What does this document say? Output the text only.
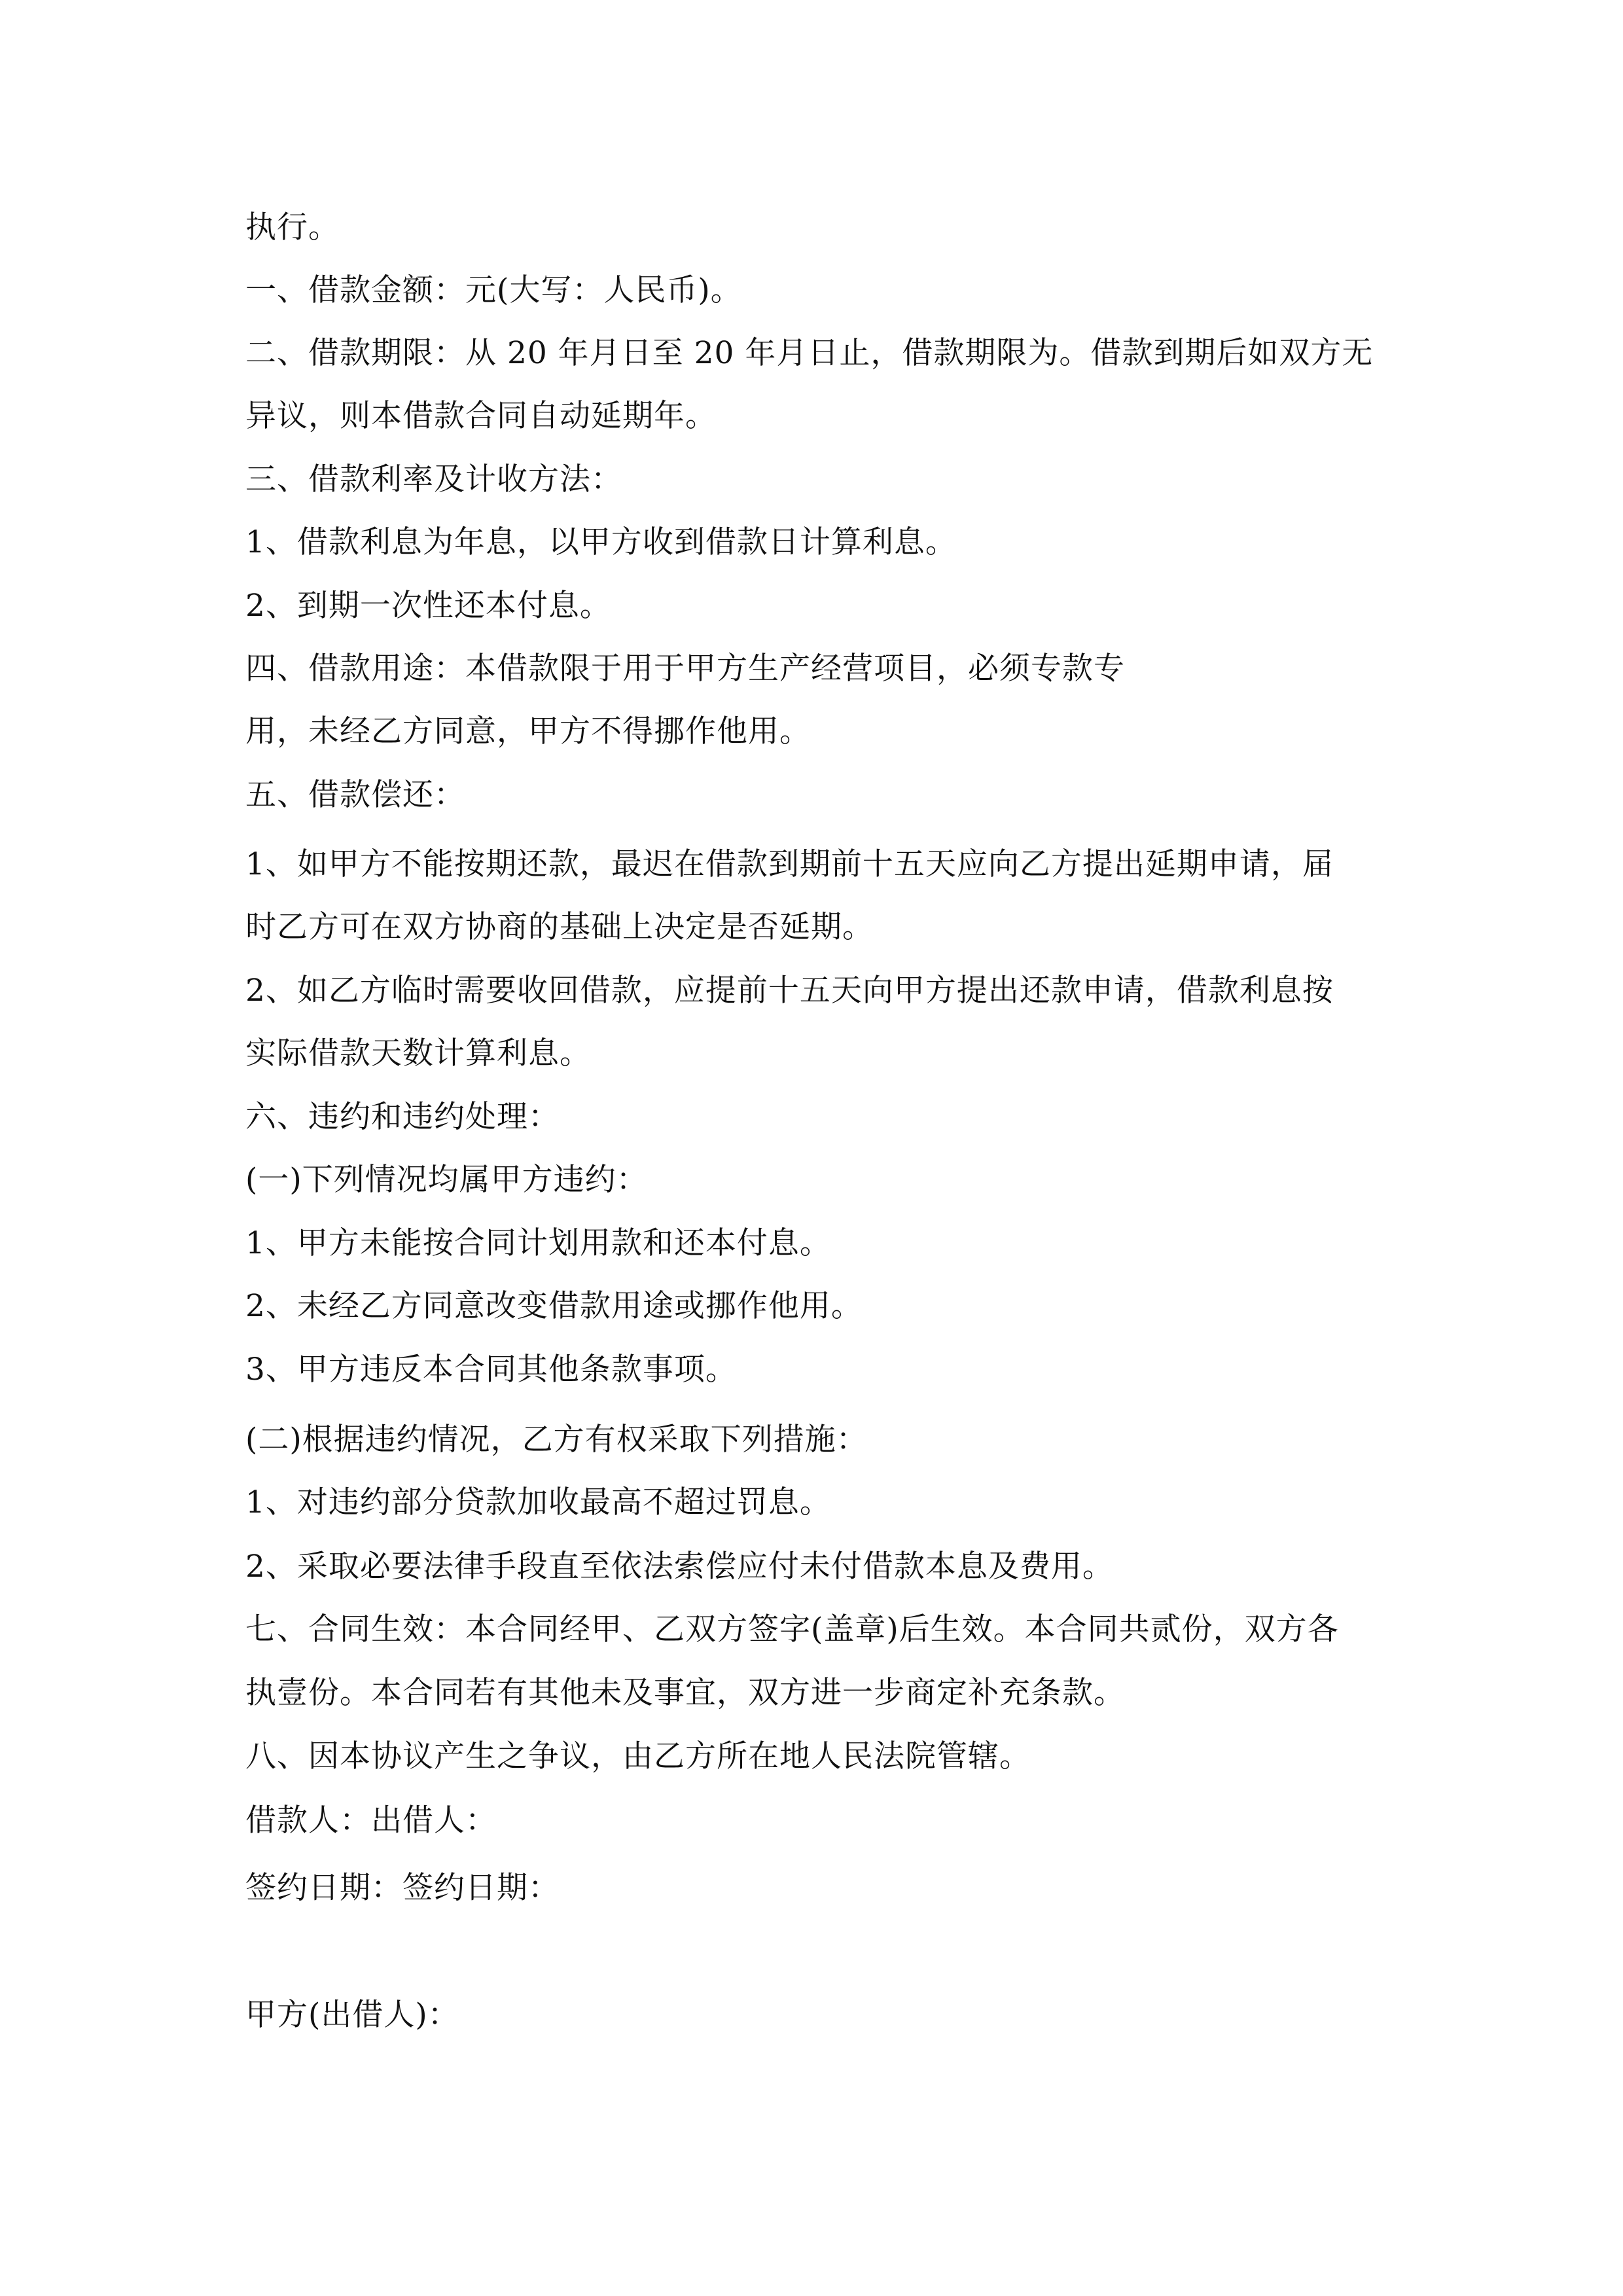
执行。
一、借款金额：元(大写：人民币)。
二、借款期限：从 20 年月日至 20 年月日止，借款期限为。借款到期后如双方无
异议，则本借款合同自动延期年。
三、借款利率及计收方法：
1、借款利息为年息，以甲方收到借款日计算利息。
2、到期一次性还本付息。
四、借款用途：本借款限于用于甲方生产经营项目，必须专款专
用，未经乙方同意，甲方不得挪作他用。
五、借款偿还：
1、如甲方不能按期还款，最迟在借款到期前十五天应向乙方提出延期申请，届
时乙方可在双方协商的基础上决定是否延期。
2、如乙方临时需要收回借款，应提前十五天向甲方提出还款申请，借款利息按
实际借款天数计算利息。
六、违约和违约处理：
(一)下列情况均属甲方违约：
1、甲方未能按合同计划用款和还本付息。
2、未经乙方同意改变借款用途或挪作他用。
3、甲方违反本合同其他条款事项。
(二)根据违约情况，乙方有权采取下列措施：
1、对违约部分贷款加收最高不超过罚息。
2、采取必要法律手段直至依法索偿应付未付借款本息及费用。
七、合同生效：本合同经甲、乙双方签字(盖章)后生效。本合同共贰份，双方各
执壹份。本合同若有其他未及事宜，双方进一步商定补充条款。
八、因本协议产生之争议，由乙方所在地人民法院管辖。
借款人：出借人：
签约日期：签约日期：
甲方(出借人)：
